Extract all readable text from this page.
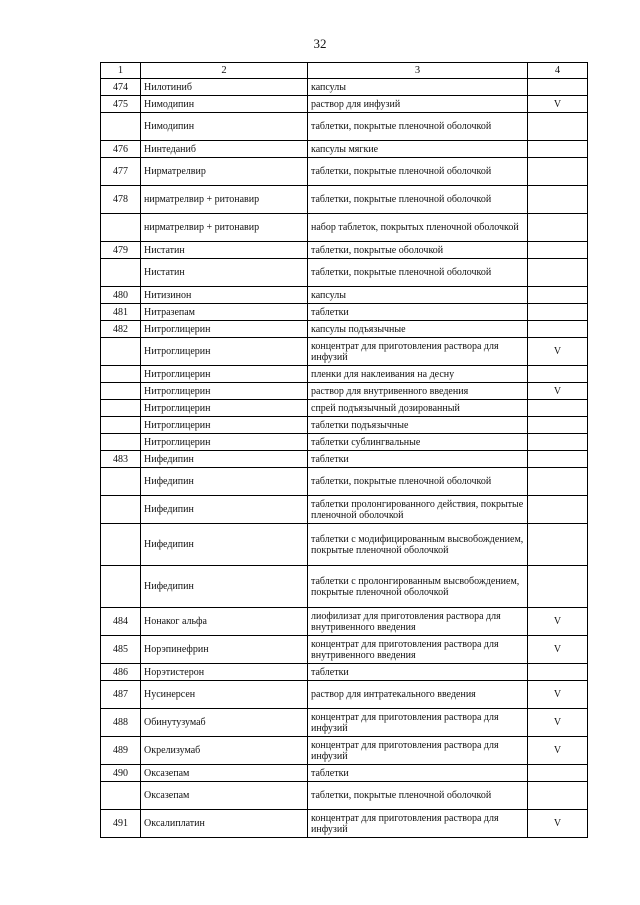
32
1	2	3	4
474	Нилотиниб	капсулы	
475	Нимодипин	раствор для инфузий	V
	Нимодипин	таблетки, покрытые пленочной оболочкой	
476	Нинтеданиб	капсулы мягкие	
477	Нирматрелвир	таблетки, покрытые пленочной оболочкой	
478	нирматрелвир + ритонавир	таблетки, покрытые пленочной оболочкой	
	нирматрелвир + ритонавир	набор таблеток, покрытых пленочной оболочкой	
479	Нистатин	таблетки, покрытые оболочкой	
	Нистатин	таблетки, покрытые пленочной оболочкой	
480	Нитизинон	капсулы	
481	Нитразепам	таблетки	
482	Нитроглицерин	капсулы подъязычные	
	Нитроглицерин	концентрат для приготовления раствора для инфузий	V
	Нитроглицерин	пленки для наклеивания на десну	
	Нитроглицерин	раствор для внутривенного введения	V
	Нитроглицерин	спрей подъязычный дозированный	
	Нитроглицерин	таблетки подъязычные	
	Нитроглицерин	таблетки сублингвальные	
483	Нифедипин	таблетки	
	Нифедипин	таблетки, покрытые пленочной оболочкой	
	Нифедипин	таблетки пролонгированного действия, покрытые пленочной оболочкой	
	Нифедипин	таблетки с модифицированным высвобождением, покрытые пленочной оболочкой	
	Нифедипин	таблетки с пролонгированным высвобождением, покрытые пленочной оболочкой	
484	Нонаког альфа	лиофилизат для приготовления раствора для внутривенного введения	V
485	Норэпинефрин	концентрат для приготовления раствора для внутривенного введения	V
486	Норэтистерон	таблетки	
487	Нусинерсен	раствор для интратекального введения	V
488	Обинутузумаб	концентрат для приготовления раствора для инфузий	V
489	Окрелизумаб	концентрат для приготовления раствора для инфузий	V
490	Оксазепам	таблетки	
	Оксазепам	таблетки, покрытые пленочной оболочкой	
491	Оксалиплатин	концентрат для приготовления раствора для инфузий	V
